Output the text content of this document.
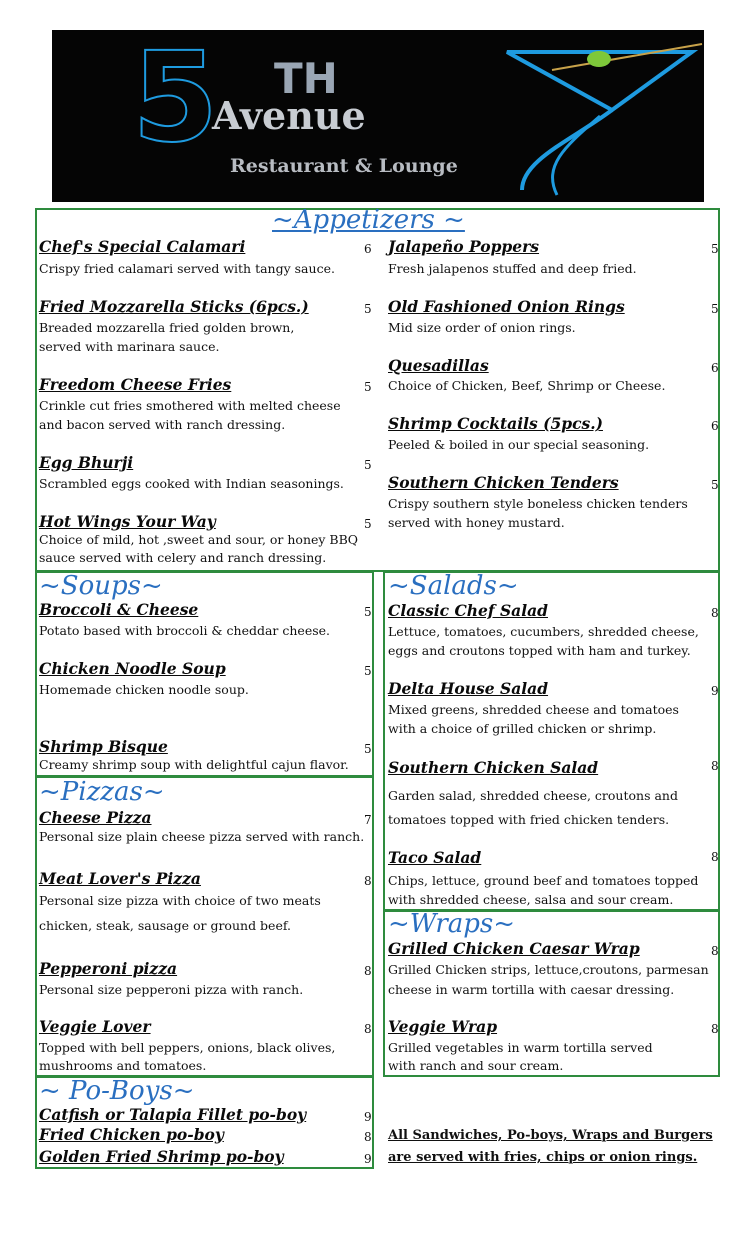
5 TH
Avenue
Restaurant & Lounge
~Appetizers ~
~Soups~	~Salads~
~Pizzas~
~Wraps~
~ Po-Boys~
Chef's Special Calamari	6
Crispy fried calamari served with tangy sauce.
Fried Mozzarella Sticks (6pcs.)	5
Breaded mozzarella fried golden brown,
served with marinara sauce.
Freedom Cheese Fries	5
Crinkle cut fries smothered with melted cheese
and bacon served with ranch dressing.
Egg Bhurji	5
Scrambled eggs cooked with Indian seasonings.
Hot Wings Your Way	5
Choice of mild, hot ,sweet and sour, or honey BBQ
sauce served with celery and ranch dressing.
Jalapeño Poppers	5
Fresh jalapenos stuffed and deep fried.
Old Fashioned Onion Rings	5
Mid size order of onion rings.
Quesadillas	6
Choice of Chicken, Beef, Shrimp or Cheese.
Shrimp Cocktails (5pcs.)	6
Peeled & boiled in our special seasoning.
Southern Chicken Tenders	5
Crispy southern style boneless chicken tenders
served with honey mustard.
Broccoli & Cheese	5
Potato based with broccoli & cheddar cheese.
Chicken Noodle Soup	5
Homemade chicken noodle soup.
Shrimp Bisque	5
Creamy shrimp soup with delightful cajun flavor.
Classic Chef Salad	8
Lettuce, tomatoes, cucumbers, shredded cheese,
eggs and croutons topped with ham and turkey.
Delta House Salad	9
Mixed greens, shredded cheese and tomatoes
with a choice of grilled chicken or shrimp.
Southern Chicken Salad	8
Garden salad, shredded cheese, croutons and
tomatoes topped with fried chicken tenders.
Taco Salad	8
Chips, lettuce, ground beef and tomatoes topped
with shredded cheese, salsa and sour cream.
Cheese Pizza	7
Personal size plain cheese pizza served with ranch.
Meat Lover's Pizza	8
Personal size pizza with choice of two meats
chicken, steak, sausage or ground beef.
Pepperoni pizza	8
Personal size pepperoni pizza with ranch.
Veggie Lover	8
Topped with bell peppers, onions, black olives,
mushrooms and tomatoes.
Grilled Chicken Caesar Wrap	8
Grilled Chicken strips, lettuce,croutons, parmesan
cheese in warm tortilla with caesar dressing.
Veggie Wrap	8
Grilled vegetables in warm tortilla served
with ranch and sour cream.
Catfish or Talapia Fillet po-boy	9
Fried Chicken po-boy	8
Golden Fried Shrimp po-boy	9
All Sandwiches, Po-boys, Wraps and Burgers
are served with fries, chips or onion rings.
